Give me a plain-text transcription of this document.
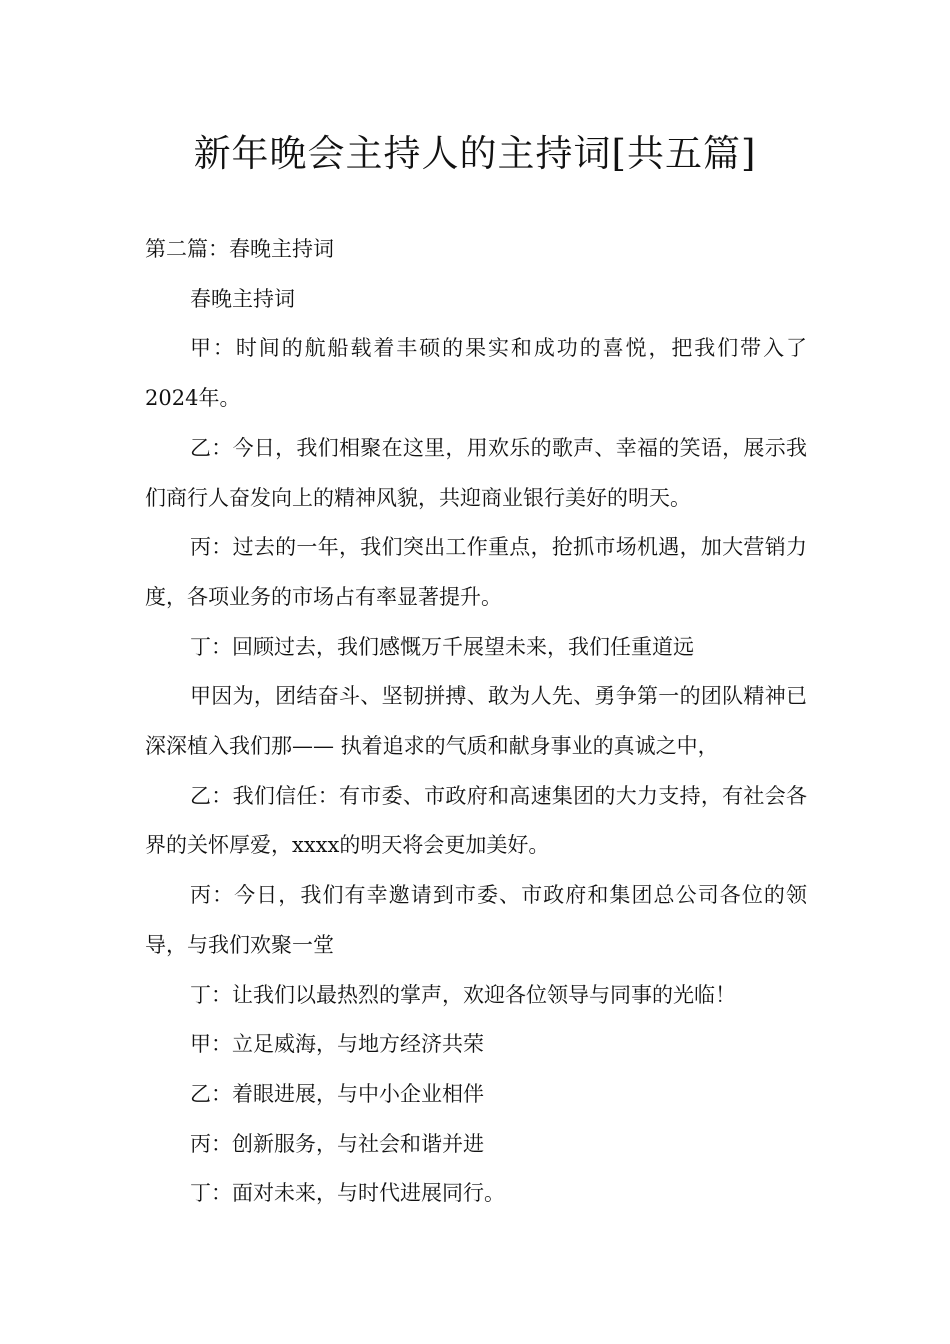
新年晚会主持人的主持词[共五篇]

第二篇：春晚主持词

春晚主持词

甲：时间的航船载着丰硕的果实和成功的喜悦，把我们带入了2024年。

乙：今日，我们相聚在这里，用欢乐的歌声、幸福的笑语，展示我们商行人奋发向上的精神风貌，共迎商业银行美好的明天。

丙：过去的一年，我们突出工作重点，抢抓市场机遇，加大营销力度，各项业务的市场占有率显著提升。

丁：回顾过去，我们感慨万千展望未来，我们任重道远

甲因为，团结奋斗、坚韧拼搏、敢为人先、勇争第一的团队精神已深深植入我们那—— 执着追求的气质和献身事业的真诚之中，

乙：我们信任：有市委、市政府和高速集团的大力支持，有社会各界的关怀厚爱，xxxx的明天将会更加美好。

丙：今日，我们有幸邀请到市委、市政府和集团总公司各位的领导，与我们欢聚一堂

丁：让我们以最热烈的掌声，欢迎各位领导与同事的光临！

甲：立足威海，与地方经济共荣

乙：着眼进展，与中小企业相伴

丙：创新服务，与社会和谐并进

丁：面对未来，与时代进展同行。
